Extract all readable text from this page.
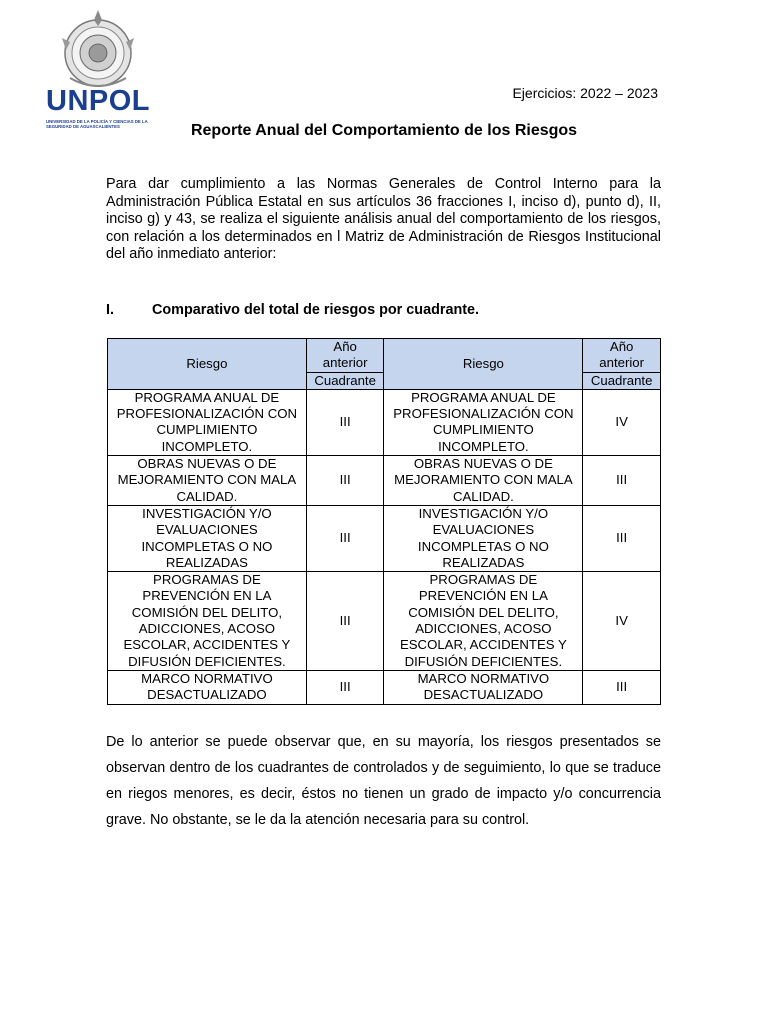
UNPOL
UNIVERSIDAD DE LA POLICÍA Y CIENCIAS DE LA SEGURIDAD DE AGUASCALIENTES
Ejercicios: 2022 – 2023
Reporte Anual del Comportamiento de los Riesgos

Para dar cumplimiento a las Normas Generales de Control Interno para la Administración Pública Estatal en sus artículos 36 fracciones I, inciso d), punto d), II, inciso g) y 43, se realiza el siguiente análisis anual del comportamiento de los riesgos, con relación a los determinados en l Matriz de Administración de Riesgos Institucional del año inmediato anterior:

I.	Comparativo del total de riesgos por cuadrante.
Riesgo	Año anterior	Riesgo	Año anterior
	Cuadrante		Cuadrante
PROGRAMA ANUAL DE PROFESIONALIZACIÓN CON CUMPLIMIENTO INCOMPLETO.	III	PROGRAMA ANUAL DE PROFESIONALIZACIÓN CON CUMPLIMIENTO INCOMPLETO.	IV
OBRAS NUEVAS O DE MEJORAMIENTO CON MALA CALIDAD.	III	OBRAS NUEVAS O DE MEJORAMIENTO CON MALA CALIDAD.	III
INVESTIGACIÓN Y/O EVALUACIONES INCOMPLETAS O NO REALIZADAS	III	INVESTIGACIÓN Y/O EVALUACIONES INCOMPLETAS O NO REALIZADAS	III
PROGRAMAS DE PREVENCIÓN EN LA COMISIÓN DEL DELITO, ADICCIONES, ACOSO ESCOLAR, ACCIDENTES Y DIFUSIÓN DEFICIENTES.	III	PROGRAMAS DE PREVENCIÓN EN LA COMISIÓN DEL DELITO, ADICCIONES, ACOSO ESCOLAR, ACCIDENTES Y DIFUSIÓN DEFICIENTES.	IV
MARCO NORMATIVO DESACTUALIZADO	III	MARCO NORMATIVO DESACTUALIZADO	III

De lo anterior se puede observar que, en su mayoría, los riesgos presentados se observan dentro de los cuadrantes de controlados y de seguimiento, lo que se traduce en riegos menores, es decir, éstos no tienen un grado de impacto y/o concurrencia grave. No obstante, se le da la atención necesaria para su control.
